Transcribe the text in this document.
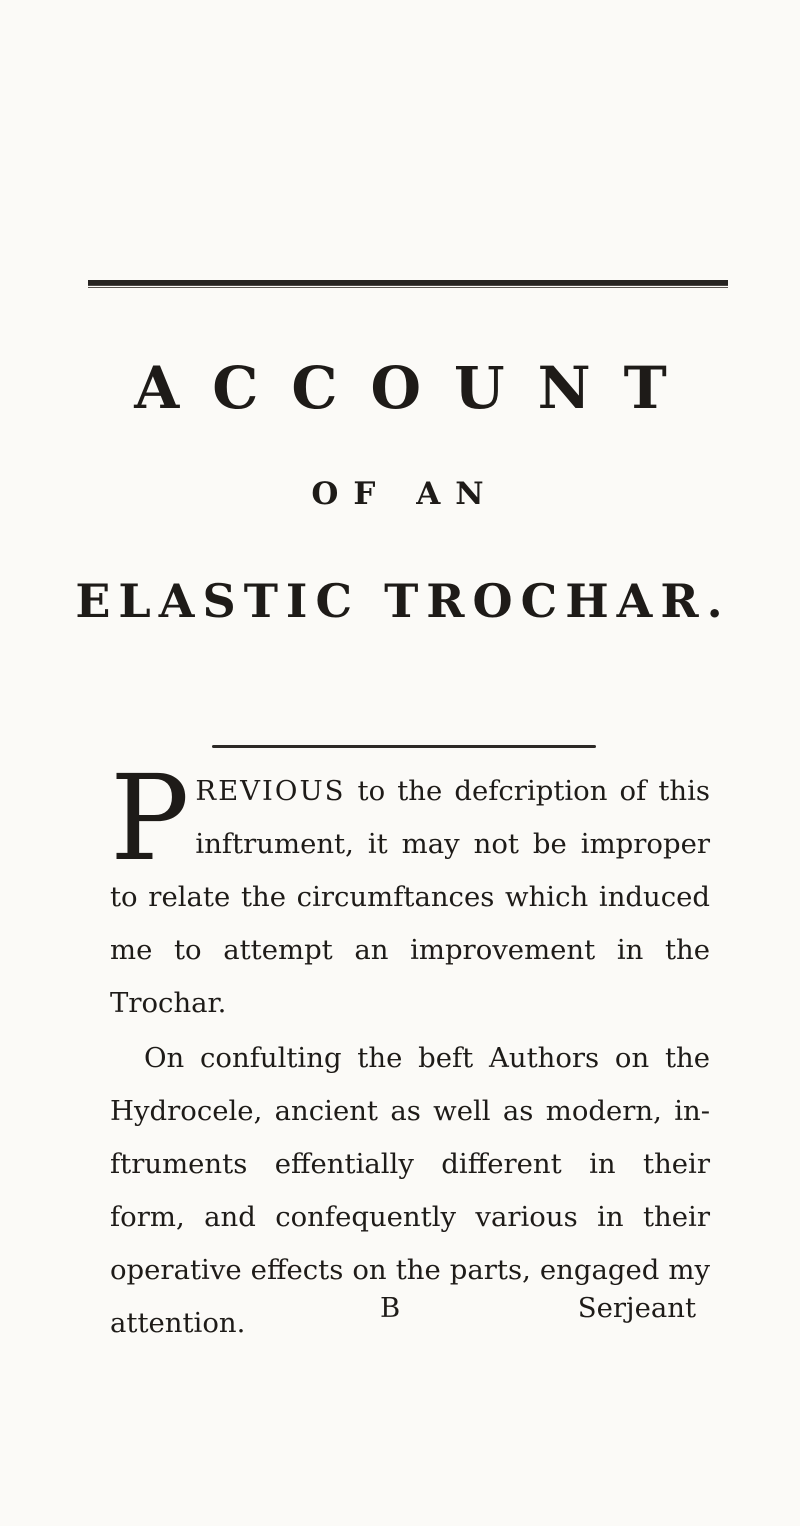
ACCOUNT
OF AN
ELASTIC TROCHAR.
PREVIOUS to the defcription of this inftrument, it may not be improper to relate the circumftances which induced me to attempt an improvement in the Trochar.
On confulting the beft Authors on the Hydrocele, ancient as well as modern, in-ftruments effentially different in their form, and confequently various in their operative effects on the parts, engaged my attention.	B	Serjeant
